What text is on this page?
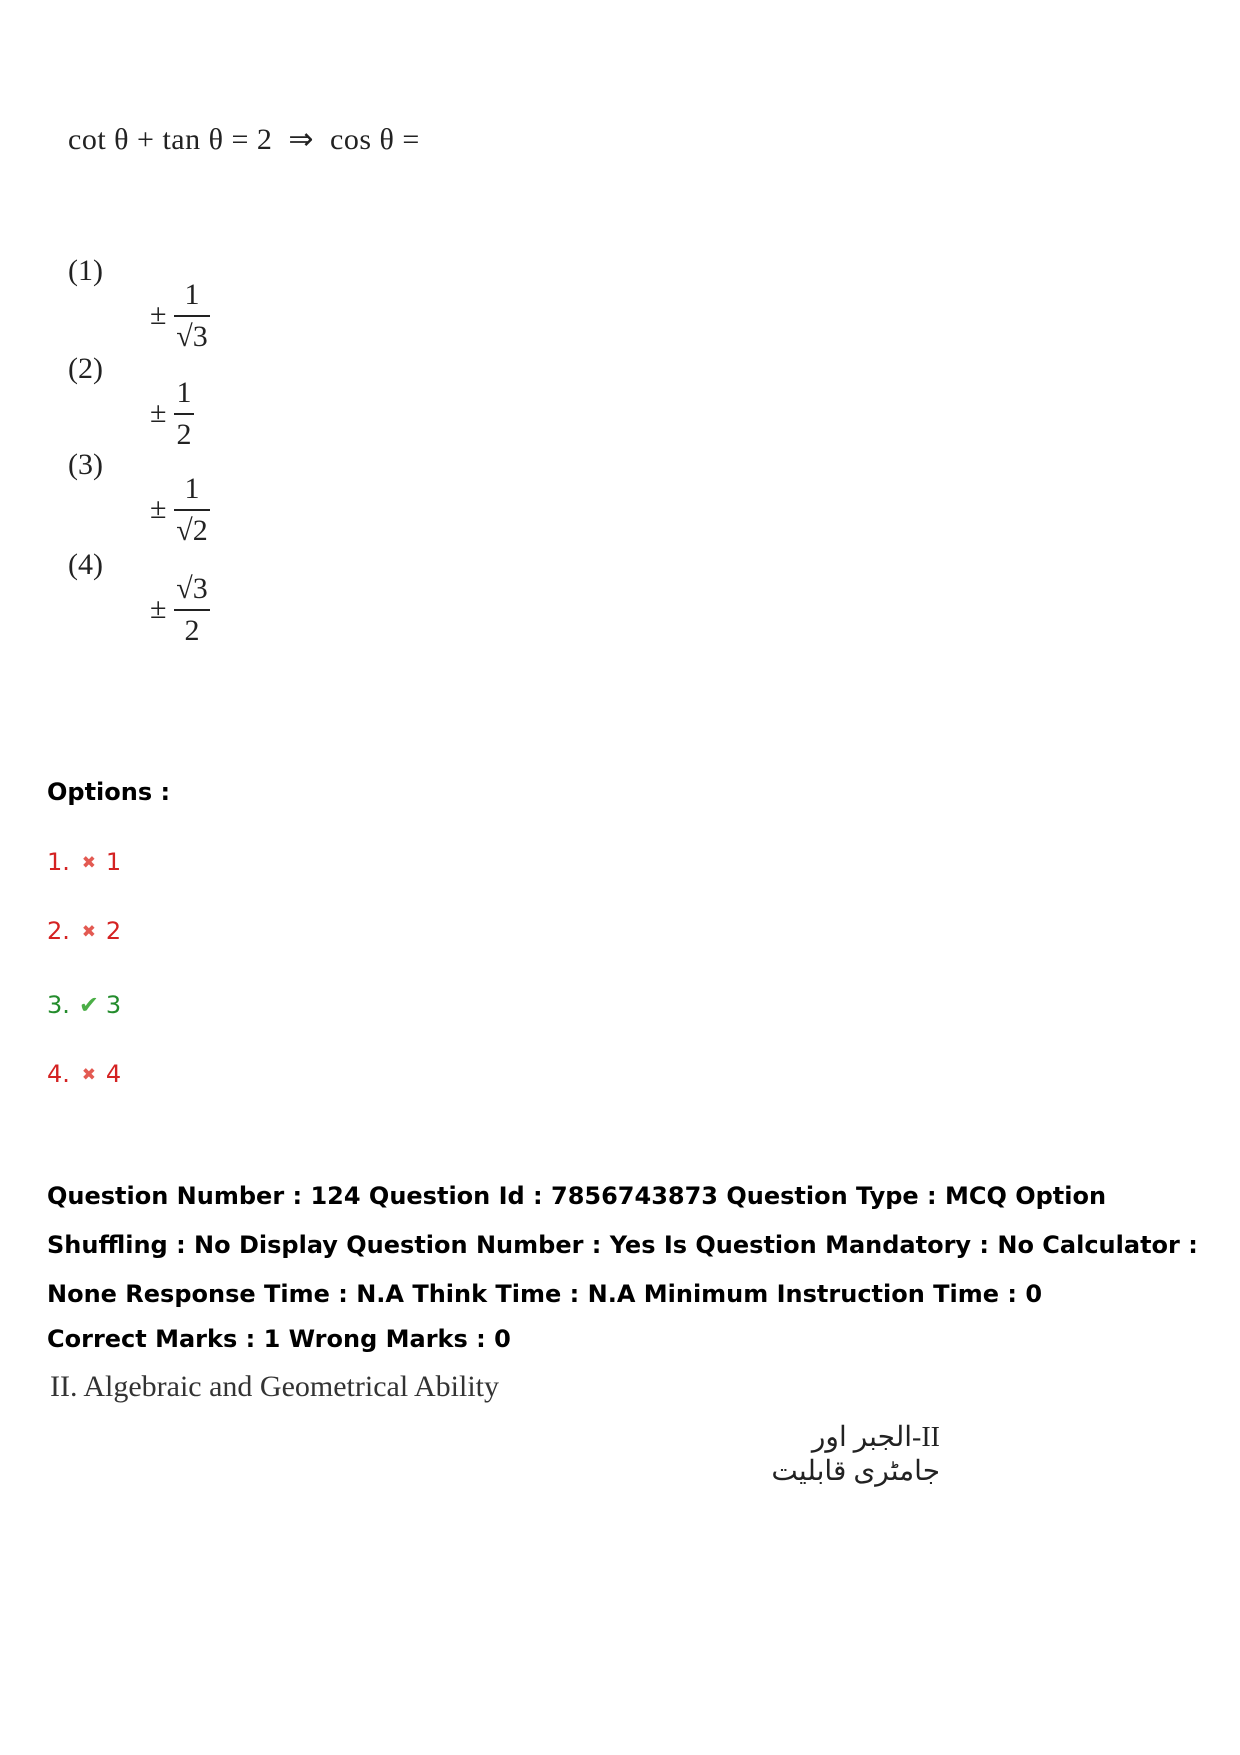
cot θ + tan θ = 2 ⇒ cos θ =
(1)
±
1
√3
(2)
±
1
2
(3)
±
1
√2
(4)
±
√3
2
Options :
1. ✖ 1
2. ✖ 2
3. ✔ 3
4. ✖ 4
Question Number : 124 Question Id : 7856743873 Question Type : MCQ Option Shuffling : No Display Question Number : Yes Is Question Mandatory : No Calculator : None Response Time : N.A Think Time : N.A Minimum Instruction Time : 0
Correct Marks : 1 Wrong Marks : 0
II. Algebraic and Geometrical Ability
II-الجبر اور جامٹری قابلیت
